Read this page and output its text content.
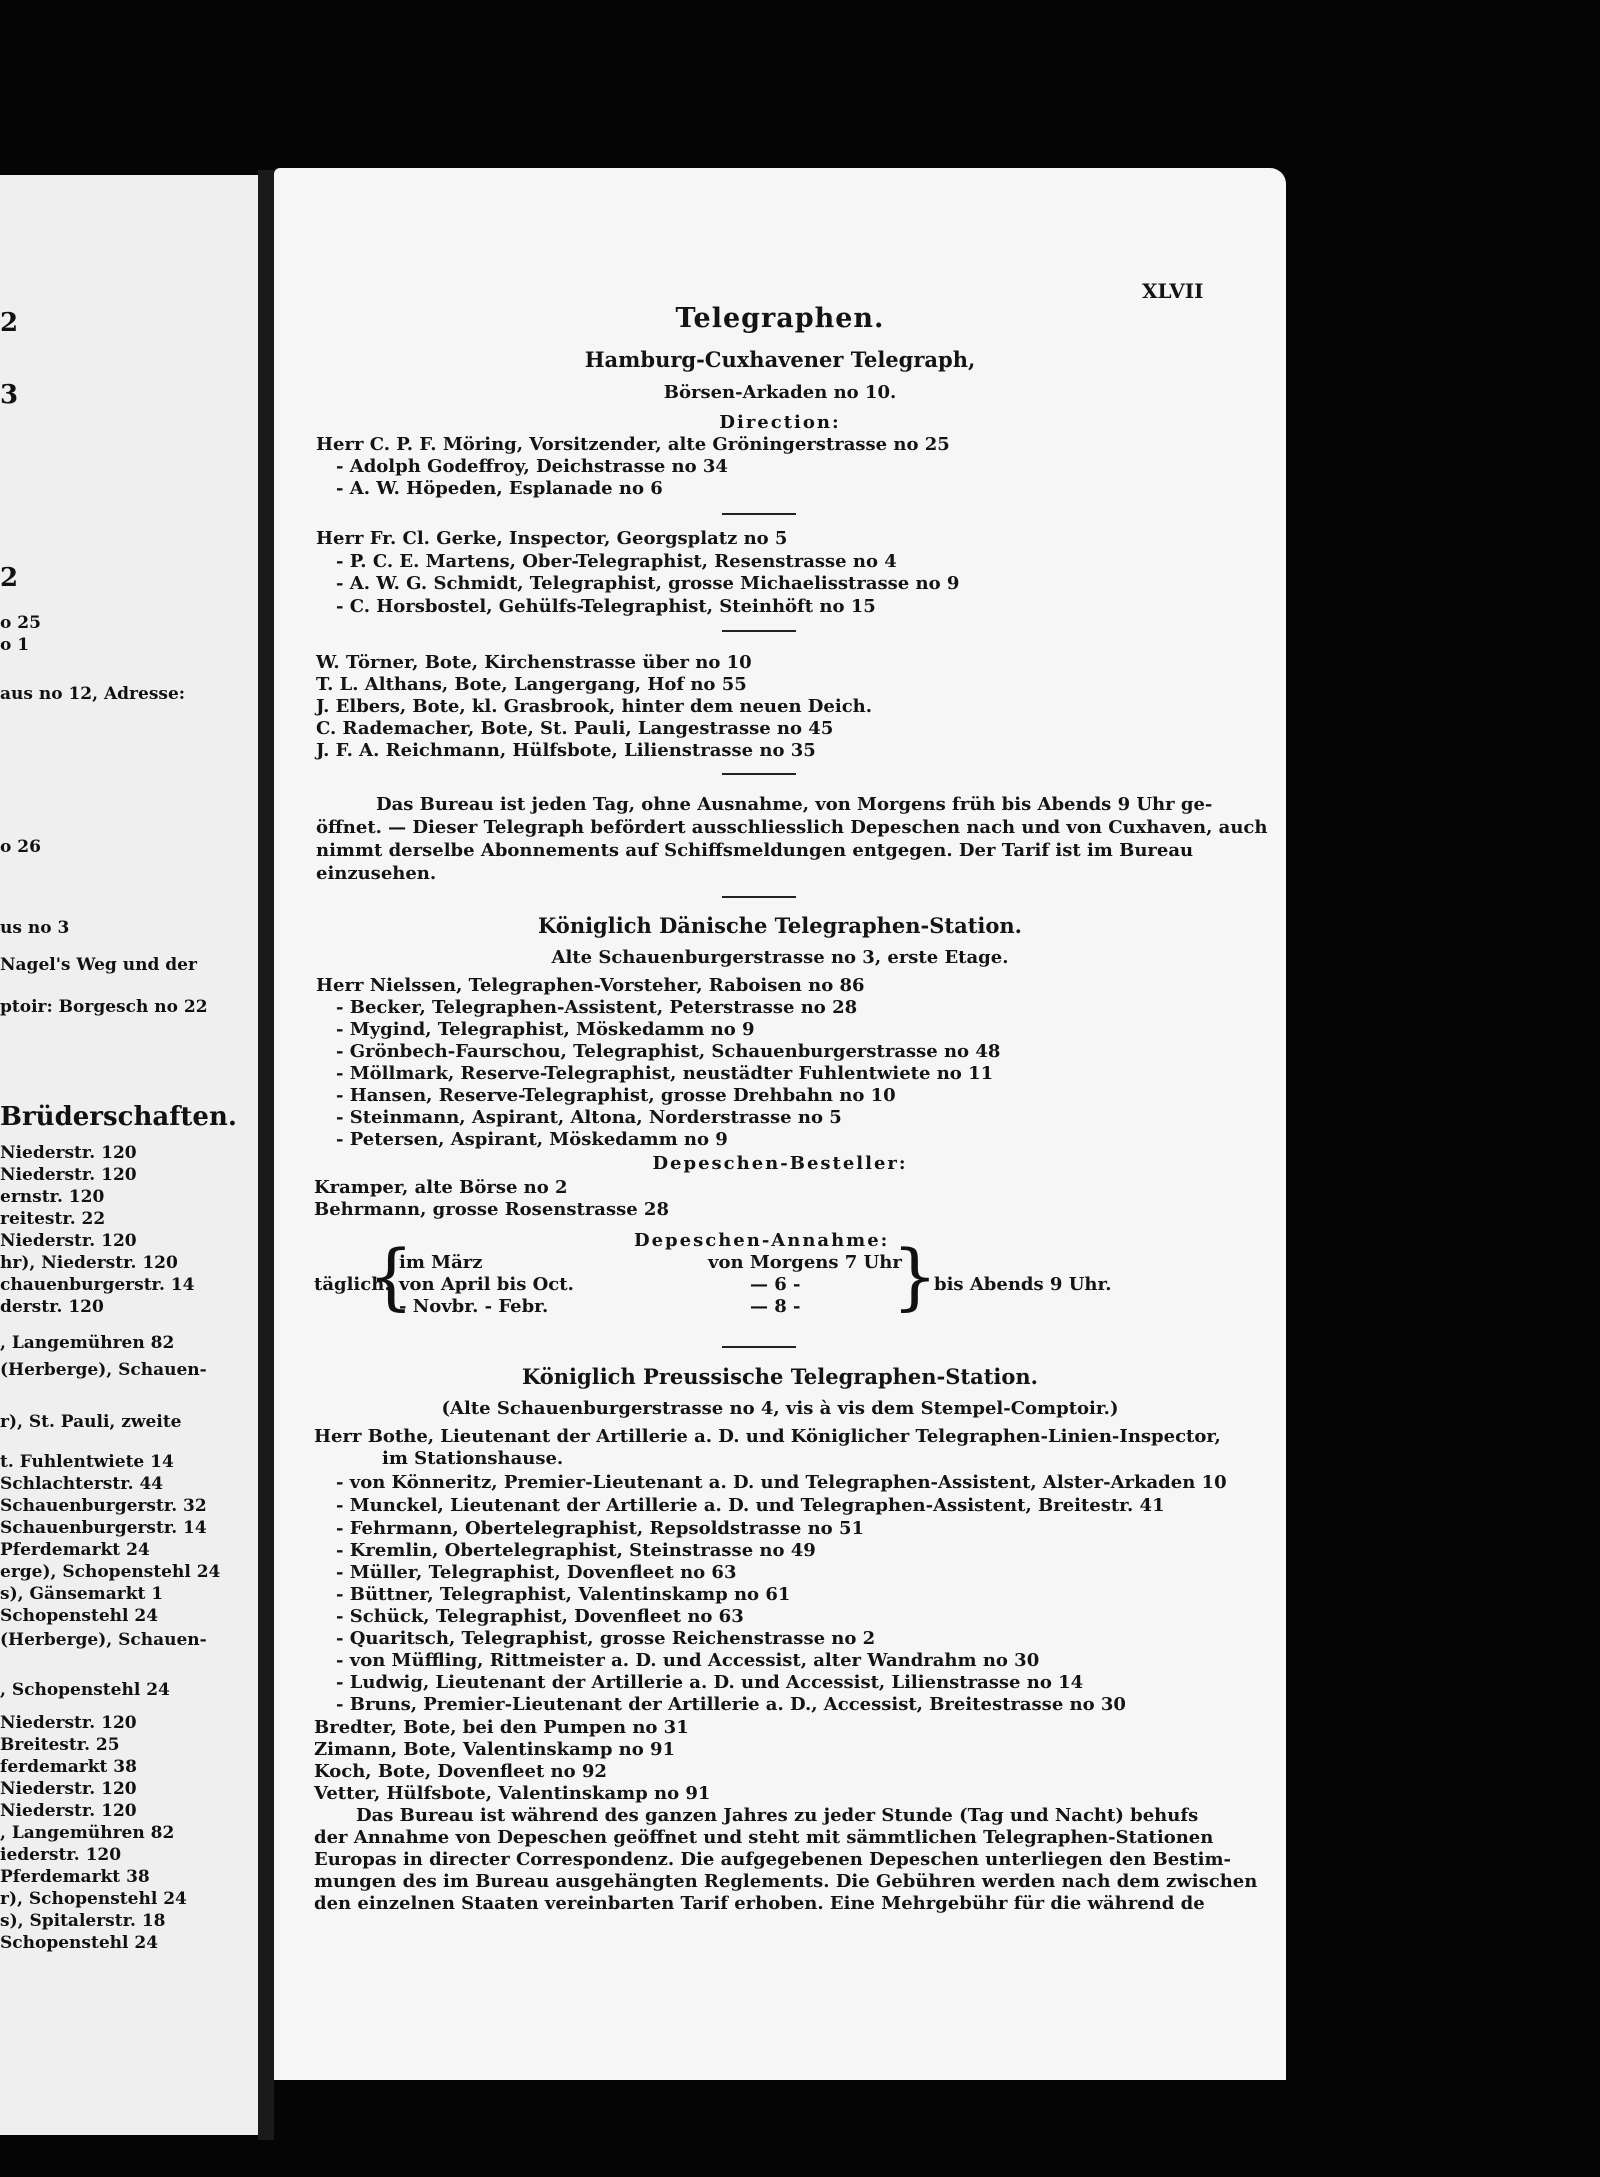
2
3
2
o 25
o 1
aus no 12, Adresse:
o 26
us no 3
Nagel's Weg und der
ptoir: Borgesch no 22
Brüderschaften.
Niederstr. 120
Niederstr. 120
ernstr. 120
reitestr. 22
Niederstr. 120
hr), Niederstr. 120
chauenburgerstr. 14
derstr. 120
, Langemühren 82
(Herberge), Schauen-
r), St. Pauli, zweite
t. Fuhlentwiete 14
Schlachterstr. 44
Schauenburgerstr. 32
Schauenburgerstr. 14
Pferdemarkt 24
erge), Schopenstehl 24
s), Gänsemarkt 1
Schopenstehl 24
(Herberge), Schauen-
, Schopenstehl 24
Niederstr. 120
Breitestr. 25
ferdemarkt 38
Niederstr. 120
Niederstr. 120
, Langemühren 82
iederstr. 120
Pferdemarkt 38
r), Schopenstehl 24
s), Spitalerstr. 18
Schopenstehl 24
XLVII
Telegraphen.
Hamburg-Cuxhavener Telegraph,
Börsen-Arkaden no 10.
Direction:
Herr C. P. F. Möring, Vorsitzender, alte Gröningerstrasse no 25
- Adolph Godeffroy, Deichstrasse no 34
- A. W. Höpeden, Esplanade no 6
Herr Fr. Cl. Gerke, Inspector, Georgsplatz no 5
- P. C. E. Martens, Ober-Telegraphist, Resenstrasse no 4
- A. W. G. Schmidt, Telegraphist, grosse Michaelisstrasse no 9
- C. Horsbostel, Gehülfs-Telegraphist, Steinhöft no 15
W. Törner, Bote, Kirchenstrasse über no 10
T. L. Althans, Bote, Langergang, Hof no 55
J. Elbers, Bote, kl. Grasbrook, hinter dem neuen Deich.
C. Rademacher, Bote, St. Pauli, Langestrasse no 45
J. F. A. Reichmann, Hülfsbote, Lilienstrasse no 35
Das Bureau ist jeden Tag, ohne Ausnahme, von Morgens früh bis Abends 9 Uhr ge-
öffnet. — Dieser Telegraph befördert ausschliesslich Depeschen nach und von Cuxhaven, auch
nimmt derselbe Abonnements auf Schiffsmeldungen entgegen. Der Tarif ist im Bureau
einzusehen.
Königlich Dänische Telegraphen-Station.
Alte Schauenburgerstrasse no 3, erste Etage.
Herr Nielssen, Telegraphen-Vorsteher, Raboisen no 86
- Becker, Telegraphen-Assistent, Peterstrasse no 28
- Mygind, Telegraphist, Möskedamm no 9
- Grönbech-Faurschou, Telegraphist, Schauenburgerstrasse no 48
- Möllmark, Reserve-Telegraphist, neustädter Fuhlentwiete no 11
- Hansen, Reserve-Telegraphist, grosse Drehbahn no 10
- Steinmann, Aspirant, Altona, Norderstrasse no 5
- Petersen, Aspirant, Möskedamm no 9
Depeschen-Besteller:
Kramper, alte Börse no 2
Behrmann, grosse Rosenstrasse 28
Depeschen-Annahme:
täglich:
{
im März
von April bis Oct.
- Novbr. - Febr.
von Morgens 7 Uhr
— 6 -
— 8 - }
bis Abends 9 Uhr.
Königlich Preussische Telegraphen-Station.
(Alte Schauenburgerstrasse no 4, vis à vis dem Stempel-Comptoir.)
Herr Bothe, Lieutenant der Artillerie a. D. und Königlicher Telegraphen-Linien-Inspector,
im Stationshause.
- von Könneritz, Premier-Lieutenant a. D. und Telegraphen-Assistent, Alster-Arkaden 10
- Munckel, Lieutenant der Artillerie a. D. und Telegraphen-Assistent, Breitestr. 41
- Fehrmann, Obertelegraphist, Repsoldstrasse no 51
- Kremlin, Obertelegraphist, Steinstrasse no 49
- Müller, Telegraphist, Dovenfleet no 63
- Büttner, Telegraphist, Valentinskamp no 61
- Schück, Telegraphist, Dovenfleet no 63
- Quaritsch, Telegraphist, grosse Reichenstrasse no 2
- von Müffling, Rittmeister a. D. und Accessist, alter Wandrahm no 30
- Ludwig, Lieutenant der Artillerie a. D. und Accessist, Lilienstrasse no 14
- Bruns, Premier-Lieutenant der Artillerie a. D., Accessist, Breitestrasse no 30
Bredter, Bote, bei den Pumpen no 31
Zimann, Bote, Valentinskamp no 91
Koch, Bote, Dovenfleet no 92
Vetter, Hülfsbote, Valentinskamp no 91
Das Bureau ist während des ganzen Jahres zu jeder Stunde (Tag und Nacht) behufs
der Annahme von Depeschen geöffnet und steht mit sämmtlichen Telegraphen-Stationen
Europas in directer Correspondenz. Die aufgegebenen Depeschen unterliegen den Bestim-
mungen des im Bureau ausgehängten Reglements. Die Gebühren werden nach dem zwischen
den einzelnen Staaten vereinbarten Tarif erhoben. Eine Mehrgebühr für die während de
